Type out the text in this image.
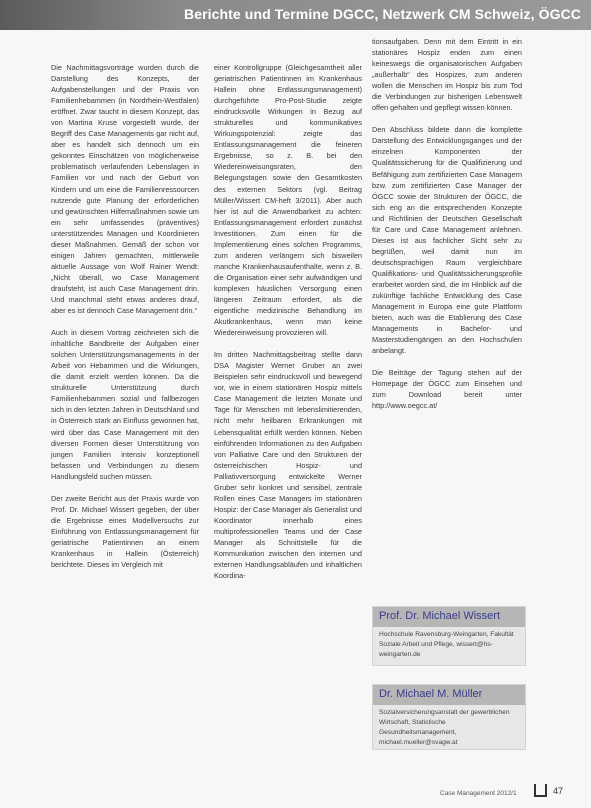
Berichte und Termine DGCC, Netzwerk CM Schweiz, ÖGCC

Die Nachmittagsvorträge wurden durch die Darstellung des Konzepts, der Aufgabenstellungen und der Praxis von Familienhebammen (in Nordrhein-Westfalen) eröffnet. Zwar taucht in diesem Konzept, das von Martina Kruse vorgestellt wurde, der Begriff des Case Managements gar nicht auf, aber es handelt sich dennoch um ein gekonntes Einschätzen von möglicherweise problematisch verlaufenden Lebenslagen in Familien vor und nach der Geburt von Kindern und um eine die Familienressourcen nutzende gute Planung der erforderlichen und gewünschten Hilfemaßnahmen sowie um ein sehr umfassendes (präventives) unterstützendes Managen und Koordinieren dieser Maßnahmen. Gemäß der schon vor einigen Jahren gemachten, mittlerweile aktuelle Aussage von Wolf Rainer Wendt: „Nicht überall, wo Case Management draufsteht, ist auch Case Management drin. Und manchmal steht etwas anderes drauf, aber es ist dennoch Case Management drin.“

Auch in diesem Vortrag zeichneten sich die inhaltliche Bandbreite der Aufgaben einer solchen Unterstützungsmanagements in der Arbeit von Hebammen und die Wirkungen, die damit erzielt werden können. Da die strukturelle Unterstützung durch Familienhebammen sozial und fallbezogen sich in den letzten Jahren in Deutschland und in Österreich stark an Einfluss gewonnen hat, wird über das Case Management mit den diversen Formen dieser Unterstützung von jungen Familien intensiv konzeptionell befassen und Verbindungen zu diesem Handlungsfeld suchen müssen.

Der zweite Bericht aus der Praxis wurde von Prof. Dr. Michael Wissert gegeben, der über die Ergebnisse eines Modellversuchs zur Einführung von Entlassungsmanagement für geriatrische Patientinnen an einem Krankenhaus in Hallein (Österreich) berichtete. Dieses im Vergleich mit

einer Kontrollgruppe (Gleichgesamtheit aller geriatrischen Patientinnen im Krankenhaus Hallein ohne Entlassungsmanagement) durchgeführte Pro-Post-Studie zeigte eindrucksvolle Wirkungen in Bezug auf strukturelles und kommunikatives Wirkungspotenzial: zeigte das Entlassungsmanagement die feineren Ergebnisse, so z. B. bei den Wiedereinweisungsraten, den Belegungstagen sowie den Gesamtkosten des externen Sektors (vgl. Beitrag Müller/Wissert CM-heft 3/2011). Aber auch hier ist auf die Anwendbarkeit zu achten: Entlassungsmanagement erfordert zunächst Investitionen. Zum einen für die Implementierung eines solchen Programms, zum anderen verlängern sich bisweilen manche Krankenhausaufenthalte, wenn z. B. die Organisation einer sehr aufwändigen und komplexen häuslichen Versorgung einen längeren Zeitraum erfordert, als die eigentliche medizinische Behandlung im Akutkrankenhaus, wenn man keine Wiedereinweisung provozieren will.

Im dritten Nachmittagsbeitrag stellte dann DSA Magister Werner Gruber an zwei Beispielen sehr eindrucksvoll und bewegend vor, wie in einem stationären Hospiz mittels Case Management die letzten Monate und Tage für Menschen mit lebenslimitierenden, nicht mehr heilbaren Erkrankungen mit Lebensqualität erfüllt werden können. Neben einführenden Informationen zu den Aufgaben von Palliative Care und den Strukturen der österreichischen Hospiz- und Palliativversorgung entwickelte Werner Gruber sehr konkret und sensibel, zentrale Rollen eines Case Managers im stationären Hospiz: der Case Manager als Generalist und Koordinator innerhalb eines multiprofessionellen Teams und der Case Manager als Schnittstelle für die Kommunikation zwischen den internen und externen Handlungsabläufen und inhaltlichen Koordina-

tionsaufgaben. Denn mit dem Eintritt in ein stationäres Hospiz enden zum einen keineswegs die organisatorischen Aufgaben „außerhalb“ des Hospizes, zum anderen wollen die Menschen im Hospiz bis zum Tod die Verbindungen zur bisherigen Lebenswelt offen gehalten und gepflegt wissen können.

Den Abschluss bildete dann die komplette Darstellung des Entwicklungsganges und der einzelnen Komponenten der Qualitätssicherung für die Qualifizierung und Befähigung zum zertifizierten Case Managern bzw. zum zertifizierten Case Manager der ÖGCC sowie der Strukturen der ÖGCC, die sich eng an die entsprechenden Konzepte und Richtlinien der Deutschen Gesellschaft für Care und Case Management anlehnen. Dieses ist aus fachlicher Sicht sehr zu begrüßen, weil damit nun im deutschsprachigen Raum vergleichbare Qualifikations- und Qualitätssicherungsprofile erarbeitet worden sind, die im Hinblick auf die zukünftige fachliche Entwicklung des Case Management in Europa eine gute Plattform bieten, auch was die Etablierung des Case Managements in Bachelor- und Masterstudiengängen an den Hochschulen anbelangt.

Die Beiträge der Tagung stehen auf der Homepage der ÖGCC zum Einsehen und zum Download bereit unter http://www.oegcc.at/

Prof. Dr. Michael Wissert
Hochschule Ravensburg-Weingarten, Fakultät Soziale Arbeit und Pflege, wissert@hs-weingarten.de
Dr. Michael M. Müller
Sozialversicherungsanstalt der gewerblichen Wirtschaft, Statistische Gesundheitsmanagement, michael.mueller@svagw.at
Case Management 2012/1	47
